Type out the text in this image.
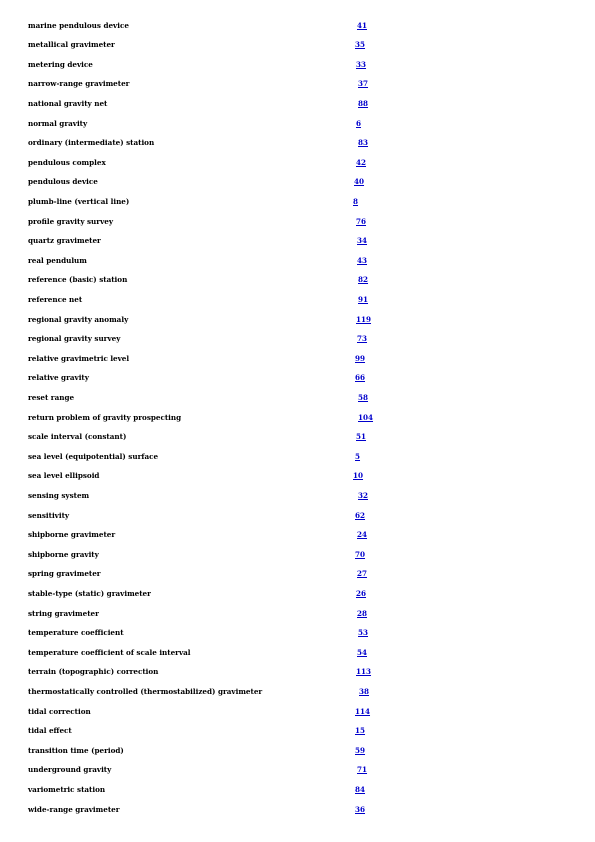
marine pendulous device	41
metallical gravimeter	35
metering device	33
narrow-range gravimeter	37
national gravity net	88
normal gravity	6
ordinary (intermediate) station	83
pendulous complex	42
pendulous device	40
plumb-line (vertical line)	8
profile gravity survey	76
quartz gravimeter	34
real pendulum	43
reference (basic) station	82
reference net	91
regional gravity anomaly	119
regional gravity survey	73
relative gravimetric level	99
relative gravity	66
reset range	58
return problem of gravity prospecting	104
scale interval (constant)	51
sea level (equipotential) surface	5
sea level ellipsoid	10
sensing system	32
sensitivity	62
shipborne gravimeter	24
shipborne gravity	70
spring gravimeter	27
stable-type (static) gravimeter	26
string gravimeter	28
temperature coefficient	53
temperature coefficient of scale interval	54
terrain (topographic) correction	113
thermostatically controlled (thermostabilized) gravimeter	38
tidal correction	114
tidal effect	15
transition time (period)	59
underground gravity	71
variometric station	84
wide-range gravimeter	36
